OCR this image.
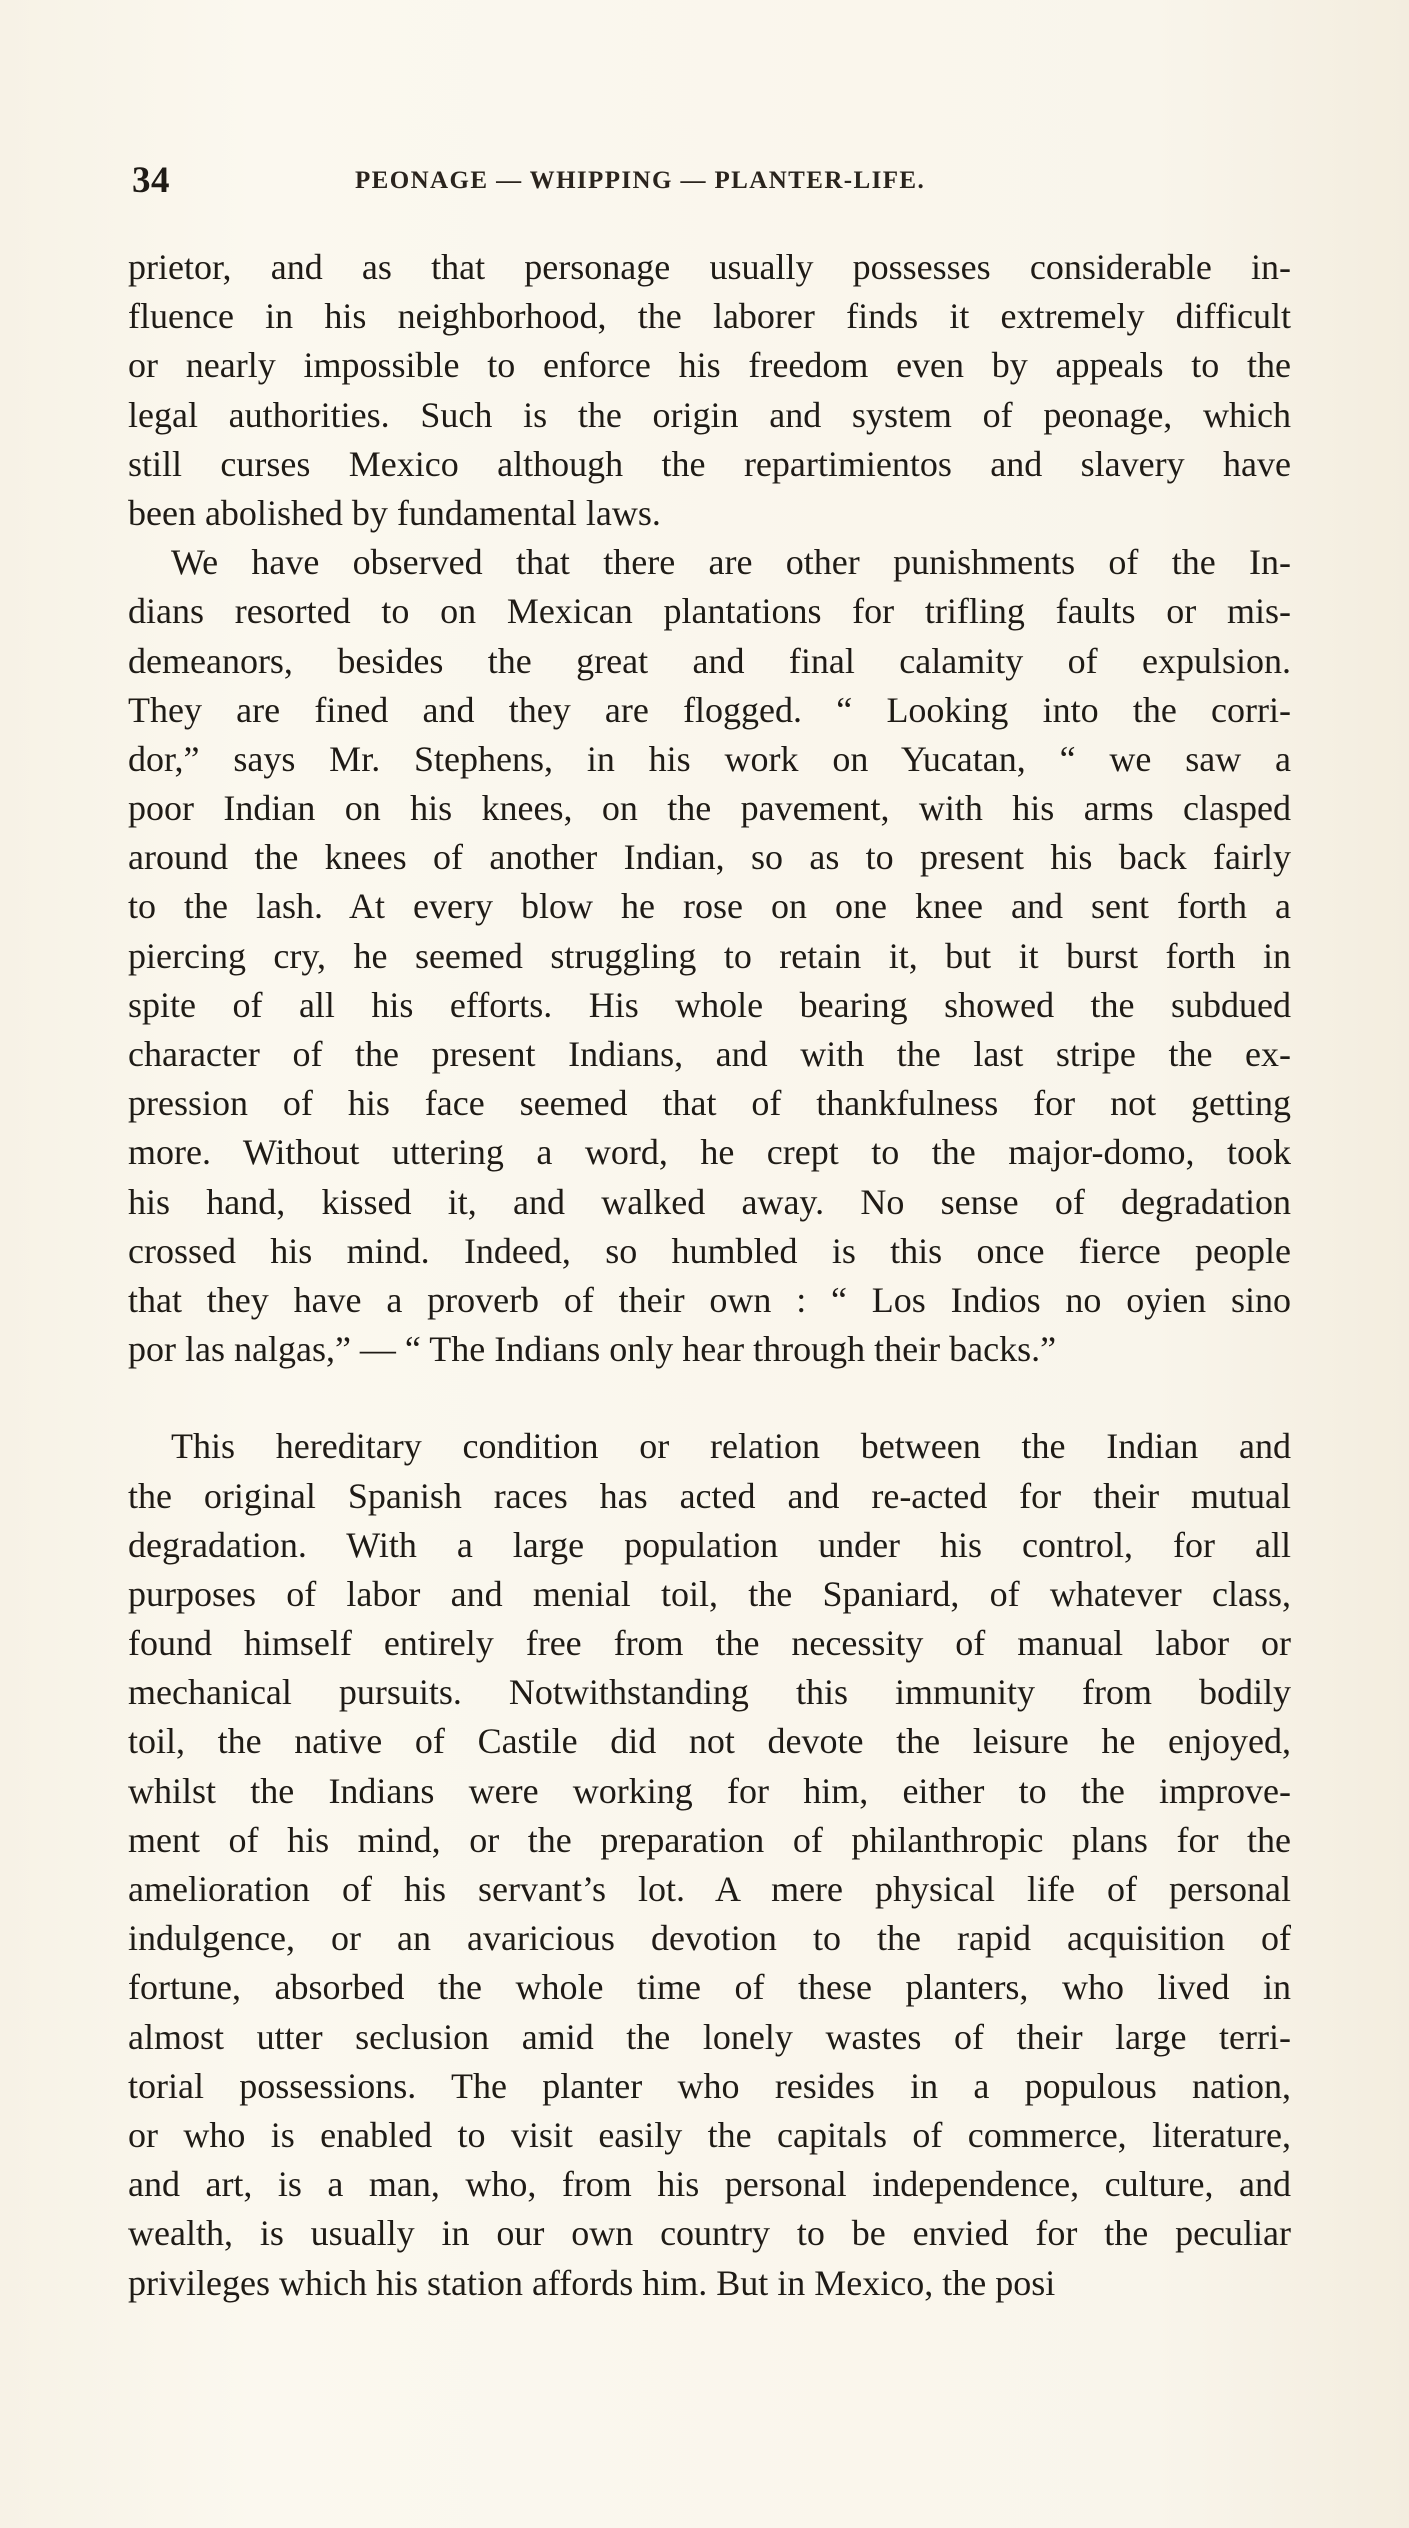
34	PEONAGE — WHIPPING — PLANTER-LIFE.
prietor, and as that personage usually possesses considerable in-
fluence in his neighborhood, the laborer finds it extremely difficult
or nearly impossible to enforce his freedom even by appeals to the
legal authorities. Such is the origin and system of peonage, which
still curses Mexico although the repartimientos and slavery have
been abolished by fundamental laws.
We have observed that there are other punishments of the In-
dians resorted to on Mexican plantations for trifling faults or mis-
demeanors, besides the great and final calamity of expulsion.
They are fined and they are flogged. “ Looking into the corri-
dor,” says Mr. Stephens, in his work on Yucatan, “ we saw a
poor Indian on his knees, on the pavement, with his arms clasped
around the knees of another Indian, so as to present his back fairly
to the lash. At every blow he rose on one knee and sent forth a
piercing cry, he seemed struggling to retain it, but it burst forth in
spite of all his efforts. His whole bearing showed the subdued
character of the present Indians, and with the last stripe the ex-
pression of his face seemed that of thankfulness for not getting
more. Without uttering a word, he crept to the major-domo, took
his hand, kissed it, and walked away. No sense of degradation
crossed his mind. Indeed, so humbled is this once fierce people
that they have a proverb of their own : “ Los Indios no oyien sino
por las nalgas,” — “ The Indians only hear through their backs.”
This hereditary condition or relation between the Indian and
the original Spanish races has acted and re-acted for their mutual
degradation. With a large population under his control, for all
purposes of labor and menial toil, the Spaniard, of whatever class,
found himself entirely free from the necessity of manual labor or
mechanical pursuits. Notwithstanding this immunity from bodily
toil, the native of Castile did not devote the leisure he enjoyed,
whilst the Indians were working for him, either to the improve-
ment of his mind, or the preparation of philanthropic plans for the
amelioration of his servant’s lot. A mere physical life of personal
indulgence, or an avaricious devotion to the rapid acquisition of
fortune, absorbed the whole time of these planters, who lived in
almost utter seclusion amid the lonely wastes of their large terri-
torial possessions. The planter who resides in a populous nation,
or who is enabled to visit easily the capitals of commerce, literature,
and art, is a man, who, from his personal independence, culture, and
wealth, is usually in our own country to be envied for the peculiar
privileges which his station affords him. But in Mexico, the posi
